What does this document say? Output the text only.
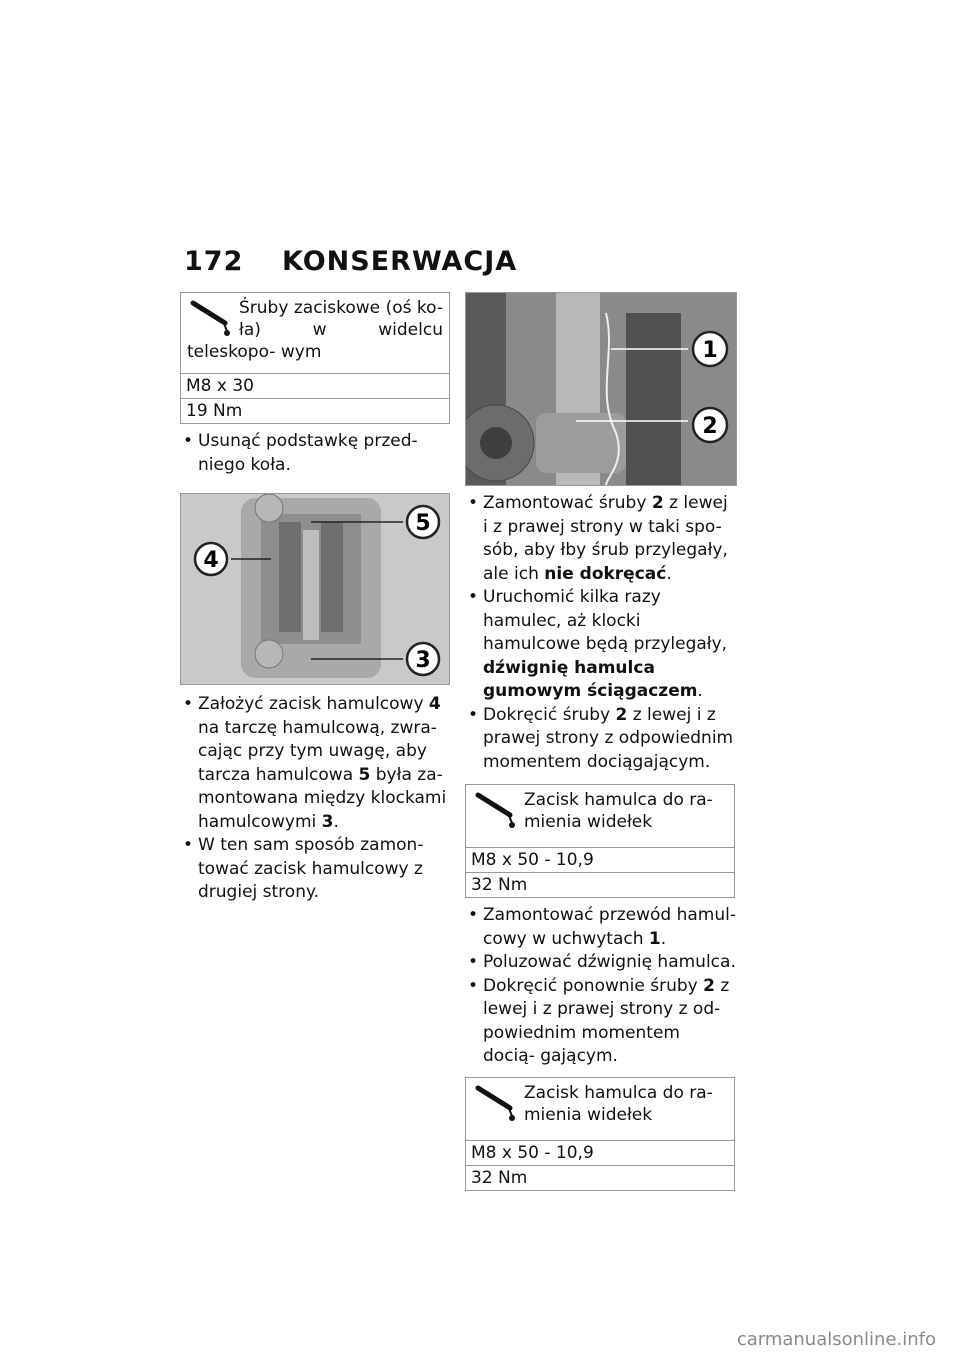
172 KONSERWACJA
Śruby zaciskowe (oś ko- ła) w widelcu teleskopo- wym
M8 x 30
19 Nm
• Usunąć podstawkę przed- niego koła.
5
4
3
• Założyć zacisk hamulcowy 4 na tarczę hamulcową, zwra- cając przy tym uwagę, aby tarcza hamulcowa 5 była za- montowana między klockami hamulcowymi 3.
• W ten sam sposób zamon- tować zacisk hamulcowy z drugiej strony.
1
2
• Zamontować śruby 2 z lewej i z prawej strony w taki spo- sób, aby łby śrub przylegały, ale ich nie dokręcać.
• Uruchomić kilka razy hamulec, aż klocki hamulcowe będą przylegały, dźwignię hamulca gumowym ściągaczem.
• Dokręcić śruby 2 z lewej i z prawej strony z odpowiednim momentem dociągającym.
Zacisk hamulca do ra- mienia widełek
M8 x 50 - 10,9
32 Nm
• Zamontować przewód hamul- cowy w uchwytach 1.
• Poluzować dźwignię hamulca.
• Dokręcić ponownie śruby 2 z lewej i z prawej strony z od- powiednim momentem docią- gającym.
Zacisk hamulca do ra- mienia widełek
M8 x 50 - 10,9
32 Nm
carmanualsonline.info
